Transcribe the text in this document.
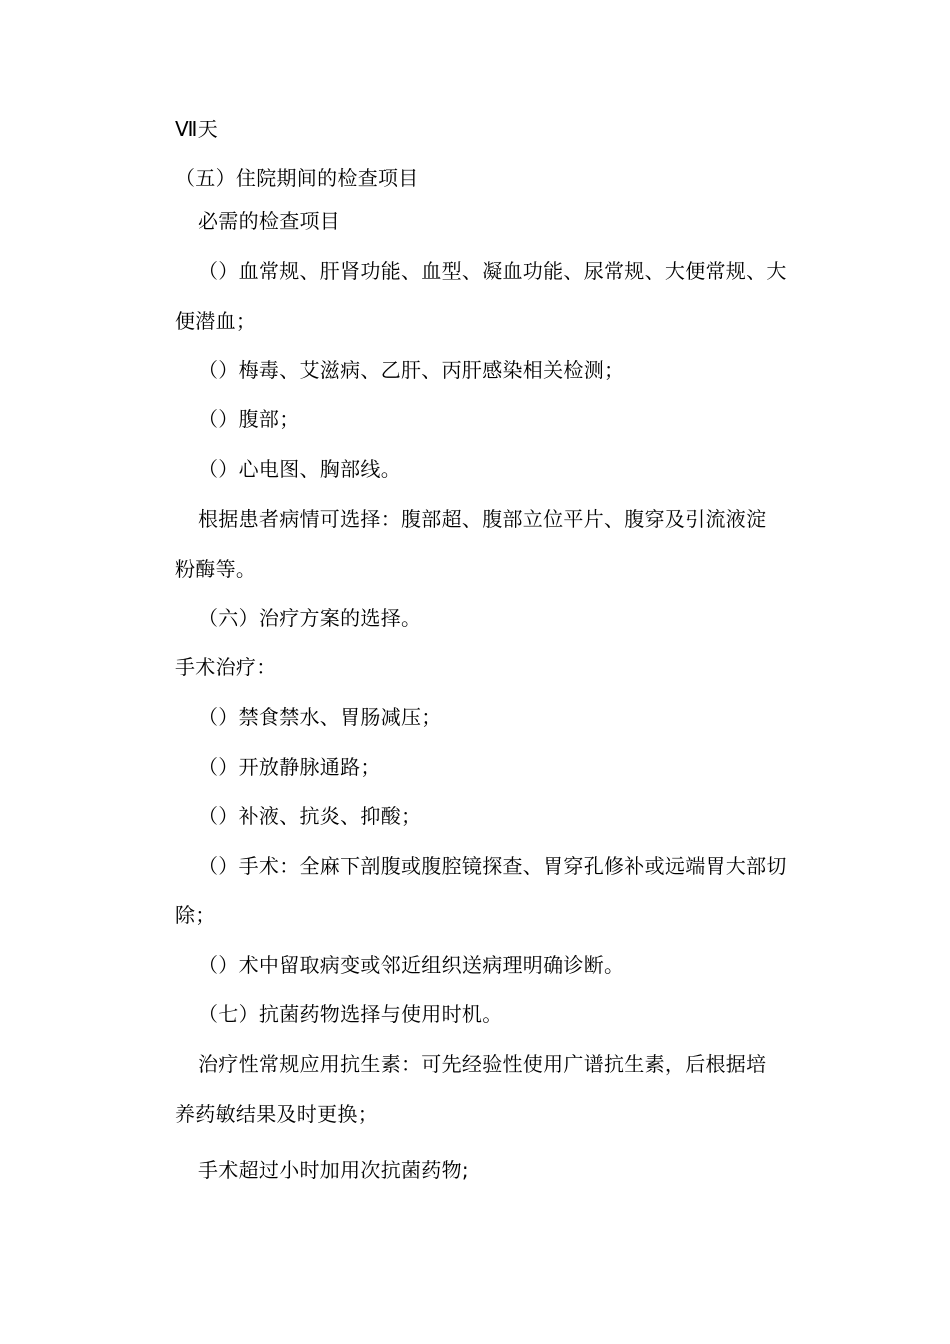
Ⅶ天
（五）住院期间的检查项目
必需的检查项目
（）血常规、肝肾功能、血型、凝血功能、尿常规、大便常规、大
便潜血；
（）梅毒、艾滋病、乙肝、丙肝感染相关检测；
（）腹部；
（）心电图、胸部线。
根据患者病情可选择：腹部超、腹部立位平片、腹穿及引流液淀
粉酶等。
（六）治疗方案的选择。
手术治疗：
（）禁食禁水、胃肠减压；
（）开放静脉通路；
（）补液、抗炎、抑酸；
（）手术：全麻下剖腹或腹腔镜探查、胃穿孔修补或远端胃大部切
除；
（）术中留取病变或邻近组织送病理明确诊断。
（七）抗菌药物选择与使用时机。
治疗性常规应用抗生素：可先经验性使用广谱抗生素，后根据培
养药敏结果及时更换；
手术超过小时加用次抗菌药物;
